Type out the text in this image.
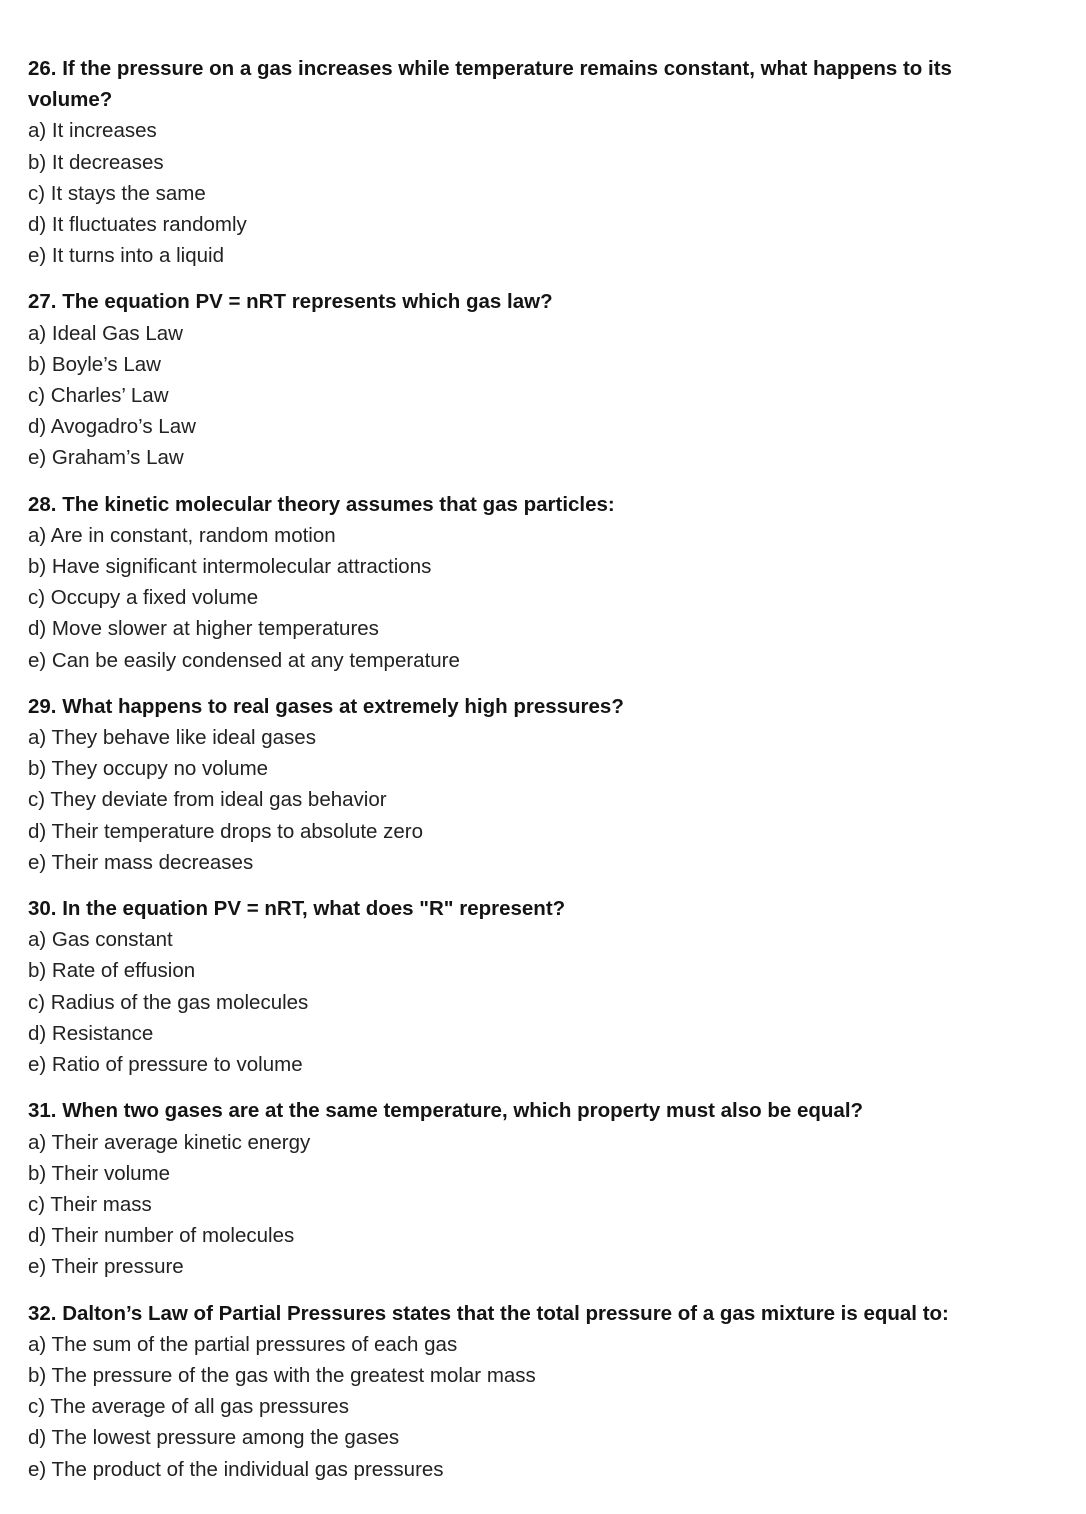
26. If the pressure on a gas increases while temperature remains constant, what happens to its volume?
a) It increases
b) It decreases
c) It stays the same
d) It fluctuates randomly
e) It turns into a liquid
27. The equation PV = nRT represents which gas law?
a) Ideal Gas Law
b) Boyle’s Law
c) Charles’ Law
d) Avogadro’s Law
e) Graham’s Law
28. The kinetic molecular theory assumes that gas particles:
a) Are in constant, random motion
b) Have significant intermolecular attractions
c) Occupy a fixed volume
d) Move slower at higher temperatures
e) Can be easily condensed at any temperature
29. What happens to real gases at extremely high pressures?
a) They behave like ideal gases
b) They occupy no volume
c) They deviate from ideal gas behavior
d) Their temperature drops to absolute zero
e) Their mass decreases
30. In the equation PV = nRT, what does "R" represent?
a) Gas constant
b) Rate of effusion
c) Radius of the gas molecules
d) Resistance
e) Ratio of pressure to volume
31. When two gases are at the same temperature, which property must also be equal?
a) Their average kinetic energy
b) Their volume
c) Their mass
d) Their number of molecules
e) Their pressure
32. Dalton’s Law of Partial Pressures states that the total pressure of a gas mixture is equal to:
a) The sum of the partial pressures of each gas
b) The pressure of the gas with the greatest molar mass
c) The average of all gas pressures
d) The lowest pressure among the gases
e) The product of the individual gas pressures
